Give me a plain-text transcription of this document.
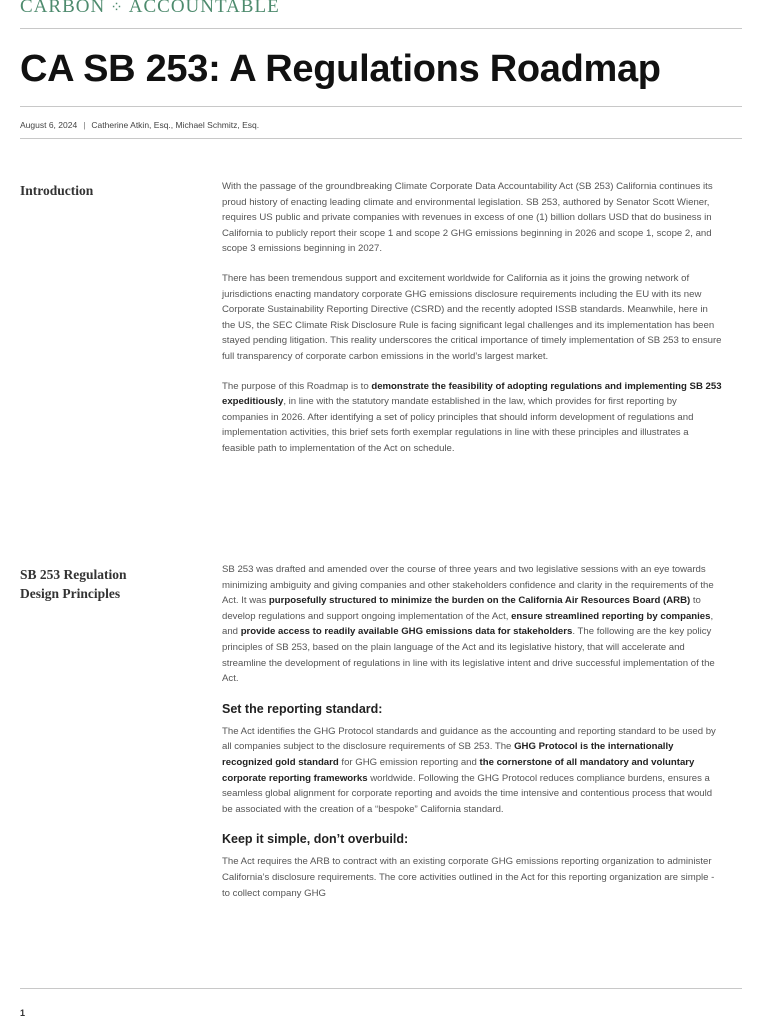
CARBON ⁘ ACCOUNTABLE
CA SB 253: A Regulations Roadmap
August 6, 2024 | Catherine Atkin, Esq., Michael Schmitz, Esq.
Introduction	With the passage of the groundbreaking Climate Corporate Data Accountability Act (SB 253) California continues its proud history of enacting leading climate and environmental legislation. SB 253, authored by Senator Scott Wiener, requires US public and private companies with revenues in excess of one (1) billion dollars USD that do business in California to publicly report their scope 1 and scope 2 GHG emissions beginning in 2026 and scope 1, scope 2, and scope 3 emissions beginning in 2027.

There has been tremendous support and excitement worldwide for California as it joins the growing network of jurisdictions enacting mandatory corporate GHG emissions disclosure requirements including the EU with its new Corporate Sustainability Reporting Directive (CSRD) and the recently adopted ISSB standards. Meanwhile, here in the US, the SEC Climate Risk Disclosure Rule is facing significant legal challenges and its implementation has been stayed pending litigation. This reality underscores the critical importance of timely implementation of SB 253 to ensure full transparency of corporate carbon emissions in the world’s largest market.

The purpose of this Roadmap is to demonstrate the feasibility of adopting regulations and implementing SB 253 expeditiously, in line with the statutory mandate established in the law, which provides for first reporting by companies in 2026. After identifying a set of policy principles that should inform development of regulations and implementation activities, this brief sets forth exemplar regulations in line with these principles and illustrates a feasible path to implementation of the Act on schedule.

SB 253 Regulation
Design Principles

SB 253 was drafted and amended over the course of three years and two legislative sessions with an eye towards minimizing ambiguity and giving companies and other stakeholders confidence and clarity in the requirements of the Act. It was purposefully structured to minimize the burden on the California Air Resources Board (ARB) to develop regulations and support ongoing implementation of the Act, ensure streamlined reporting by companies, and provide access to readily available GHG emissions data for stakeholders. The following are the key policy principles of SB 253, based on the plain language of the Act and its legislative history, that will accelerate and streamline the development of regulations in line with its legislative intent and drive successful implementation of the Act.

Set the reporting standard:

The Act identifies the GHG Protocol standards and guidance as the accounting and reporting standard to be used by all companies subject to the disclosure requirements of SB 253. The GHG Protocol is the internationally recognized gold standard for GHG emission reporting and the cornerstone of all mandatory and voluntary corporate reporting frameworks worldwide. Following the GHG Protocol reduces compliance burdens, ensures a seamless global alignment for corporate reporting and avoids the time intensive and contentious process that would be associated with the creation of a “bespoke” California standard.

Keep it simple, don’t overbuild:

The Act requires the ARB to contract with an existing corporate GHG emissions reporting organization to administer California’s disclosure requirements. The core activities outlined in the Act for this reporting organization are simple - to collect company GHG

1
